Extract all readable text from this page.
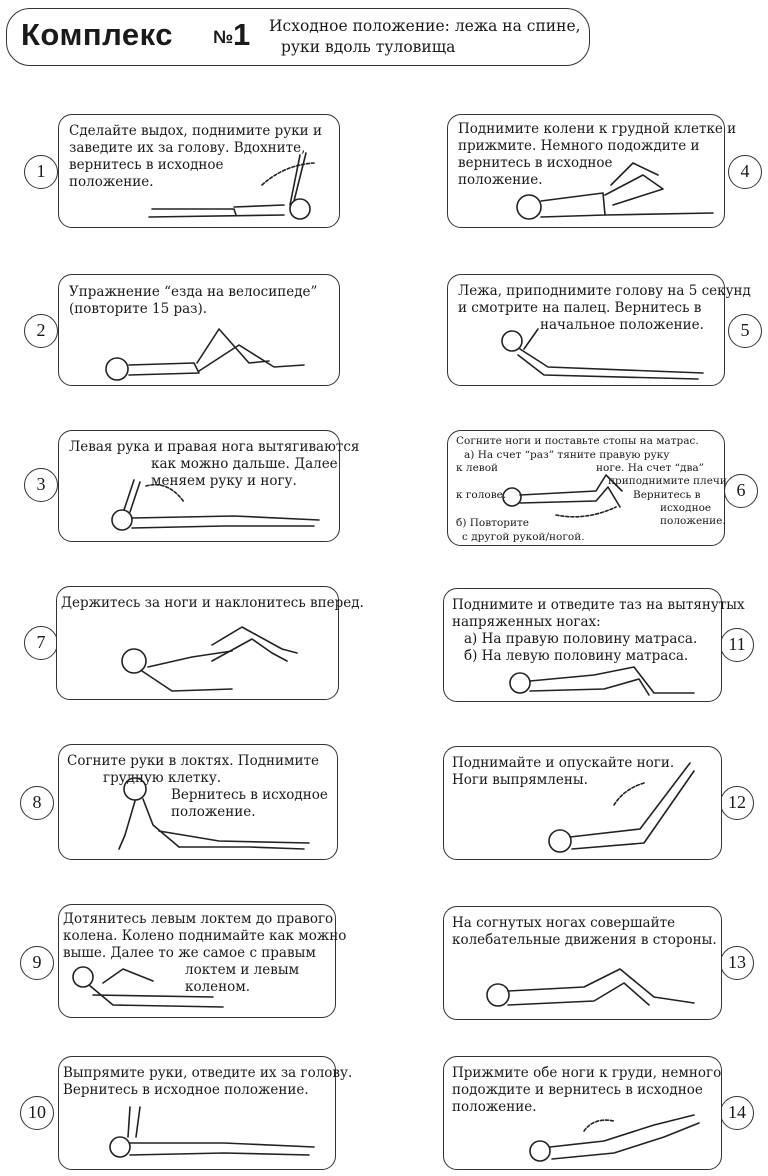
Комплекс № 1 Исходное положение: лежа на спине,
руки вдоль туловища
1
Сделайте выдох, поднимите руки и
заведите их за голову. Вдохните,
вернитесь в исходное
положение.
2
Упражнение “езда на велосипеде”
(повторите 15 раз).
3
Левая рука и правая нога вытягиваются
как можно дальше. Далее
меняем руку и ногу.
4
Поднимите колени к грудной клетке и
прижмите. Немного подождите и
вернитесь в исходное
положение.
5
Лежа, приподнимите голову на 5 секунд
и смотрите на палец. Вернитесь в
начальное положение.
6
Согните ноги и поставьте стопы на матрас.
а) На счет “раз” тяните правую руку
к левой	ноге. На счет “два”
приподнимите плечи
к голове.	Вернитесь в
исходное
положение.
б) Повторите
с другой рукой/ногой.
7
Держитесь за ноги и наклонитесь вперед.
8
Согните руки в локтях. Поднимите
грудную клетку.
Вернитесь в исходное
положение.
9
Дотянитесь левым локтем до правого
колена. Колено поднимайте как можно
выше. Далее то же самое с правым
локтем и левым
коленом.
10
Выпрямите руки, отведите их за голову.
Вернитесь в исходное положение.
11
Поднимите и отведите таз на вытянутых
напряженных ногах:
а) На правую половину матраса.
б) На левую половину матраса.
12
Поднимайте и опускайте ноги.
Ноги выпрямлены.
13
На согнутых ногах совершайте
колебательные движения в стороны.
14
Прижмите обе ноги к груди, немного
подождите и вернитесь в исходное
положение.
